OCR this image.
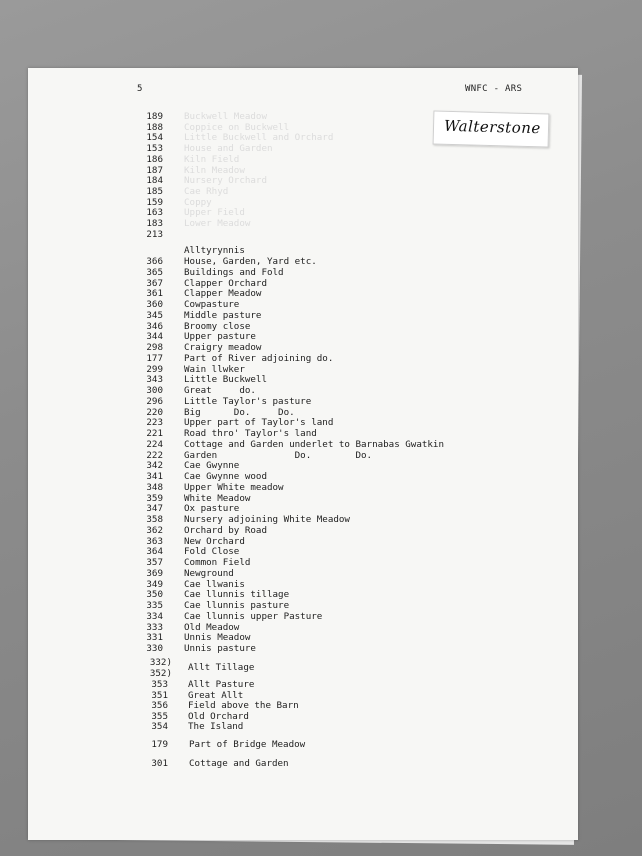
5	WNFC - ARS
Walterstone
189 Buckwell Meadow
188 Coppice on Buckwell
154 Little Buckwell and Orchard
153 House and Garden
186 Kiln Field
187 Kiln Meadow
184 Nursery Orchard
185 Cae Rhyd
159 Coppy
163 Upper Field
183 Lower Meadow
213
Alltyrynnis
366 House, Garden, Yard etc.
365 Buildings and Fold
367 Clapper Orchard
361 Clapper Meadow
360 Cowpasture
345 Middle pasture
346 Broomy close
344 Upper pasture
298 Craigry meadow
177 Part of River adjoining do.
299 Wain llwker
343 Little Buckwell
300 Great     do.
296 Little Taylor's pasture
220 Big      Do.     Do.
223 Upper part of Taylor's land
221 Road thro' Taylor's land
224 Cottage and Garden underlet to Barnabas Gwatkin
222 Garden              Do.        Do.
342 Cae Gwynne
341 Cae Gwynne wood
348 Upper White meadow
359 White Meadow
347 Ox pasture
358 Nursery adjoining White Meadow
362 Orchard by Road
363 New Orchard
364 Fold Close
357 Common Field
369 Newground
349 Cae llwanis
350 Cae llunnis tillage
335 Cae llunnis pasture
334 Cae llunnis upper Pasture
333 Old Meadow
331 Unnis Meadow
330 Unnis pasture

332)

352)

Allt Tillage

353 Allt Pasture
351 Great Allt
356 Field above the Barn
355 Old Orchard
354 The Island
179 Part of Bridge Meadow
301 Cottage and Garden
